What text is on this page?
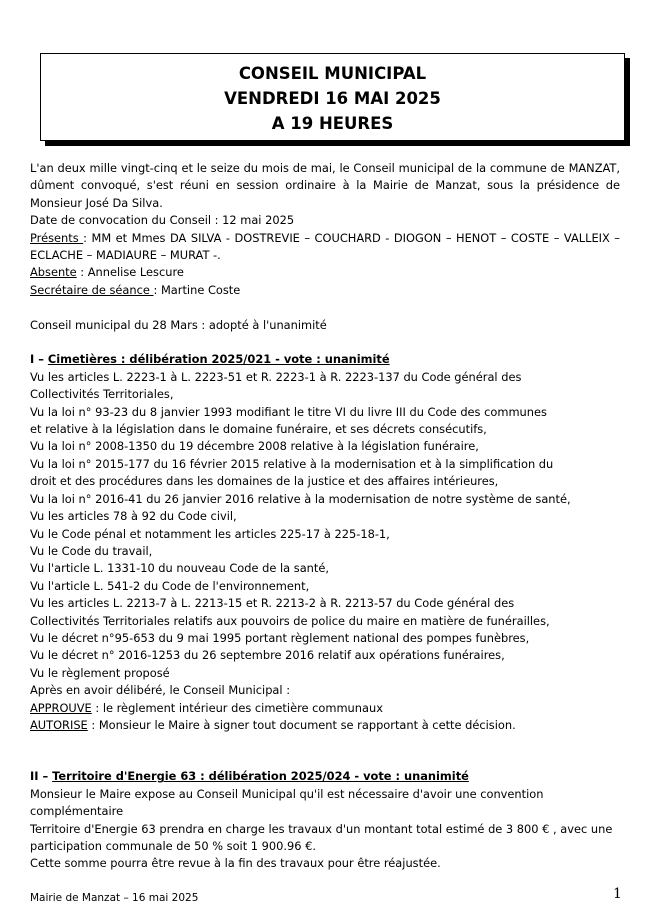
CONSEIL MUNICIPAL
VENDREDI 16 MAI 2025
A 19 HEURES
L'an deux mille vingt-cinq et le seize du mois de mai, le Conseil municipal de la commune de MANZAT, dûment convoqué, s'est réuni en session ordinaire à la Mairie de Manzat, sous la présidence de Monsieur José Da Silva.
Date de convocation du Conseil : 12 mai 2025
Présents : MM et Mmes DA SILVA - DOSTREVIE – COUCHARD - DIOGON – HENOT – COSTE – VALLEIX – ECLACHE – MADIAURE – MURAT -.
Absente : Annelise Lescure
Secrétaire de séance : Martine Coste
Conseil municipal du 28 Mars : adopté à l'unanimité
I – Cimetières : délibération 2025/021 - vote : unanimité
Vu les articles L. 2223-1 à L. 2223-51 et R. 2223-1 à R. 2223-137 du Code général des
Collectivités Territoriales,
Vu la loi n° 93-23 du 8 janvier 1993 modifiant le titre VI du livre III du Code des communes
et relative à la législation dans le domaine funéraire, et ses décrets consécutifs,
Vu la loi n° 2008-1350 du 19 décembre 2008 relative à la législation funéraire,
Vu la loi n° 2015-177 du 16 février 2015 relative à la modernisation et à la simplification du
droit et des procédures dans les domaines de la justice et des affaires intérieures,
Vu la loi n° 2016-41 du 26 janvier 2016 relative à la modernisation de notre système de santé,
Vu les articles 78 à 92 du Code civil,
Vu le Code pénal et notamment les articles 225-17 à 225-18-1,
Vu le Code du travail,
Vu l'article L. 1331-10 du nouveau Code de la santé,
Vu l'article L. 541-2 du Code de l'environnement,
Vu les articles L. 2213-7 à L. 2213-15 et R. 2213-2 à R. 2213-57 du Code général des
Collectivités Territoriales relatifs aux pouvoirs de police du maire en matière de funérailles,
Vu le décret n°95-653 du 9 mai 1995 portant règlement national des pompes funèbres,
Vu le décret n° 2016-1253 du 26 septembre 2016 relatif aux opérations funéraires,
Vu le règlement proposé
Après en avoir délibéré, le Conseil Municipal :
APPROUVE : le règlement intérieur des cimetière communaux
AUTORISE : Monsieur le Maire à signer tout document se rapportant à cette décision.
II – Territoire d'Energie 63 : délibération 2025/024 - vote : unanimité
Monsieur le Maire expose au Conseil Municipal qu'il est nécessaire d'avoir une convention
complémentaire
Territoire d'Energie 63 prendra en charge les travaux d'un montant total estimé de 3 800 € , avec une
participation communale de 50 % soit 1 900.96 €.
Cette somme pourra être revue à la fin des travaux pour être réajustée.
Mairie de Manzat – 16 mai 2025	1
